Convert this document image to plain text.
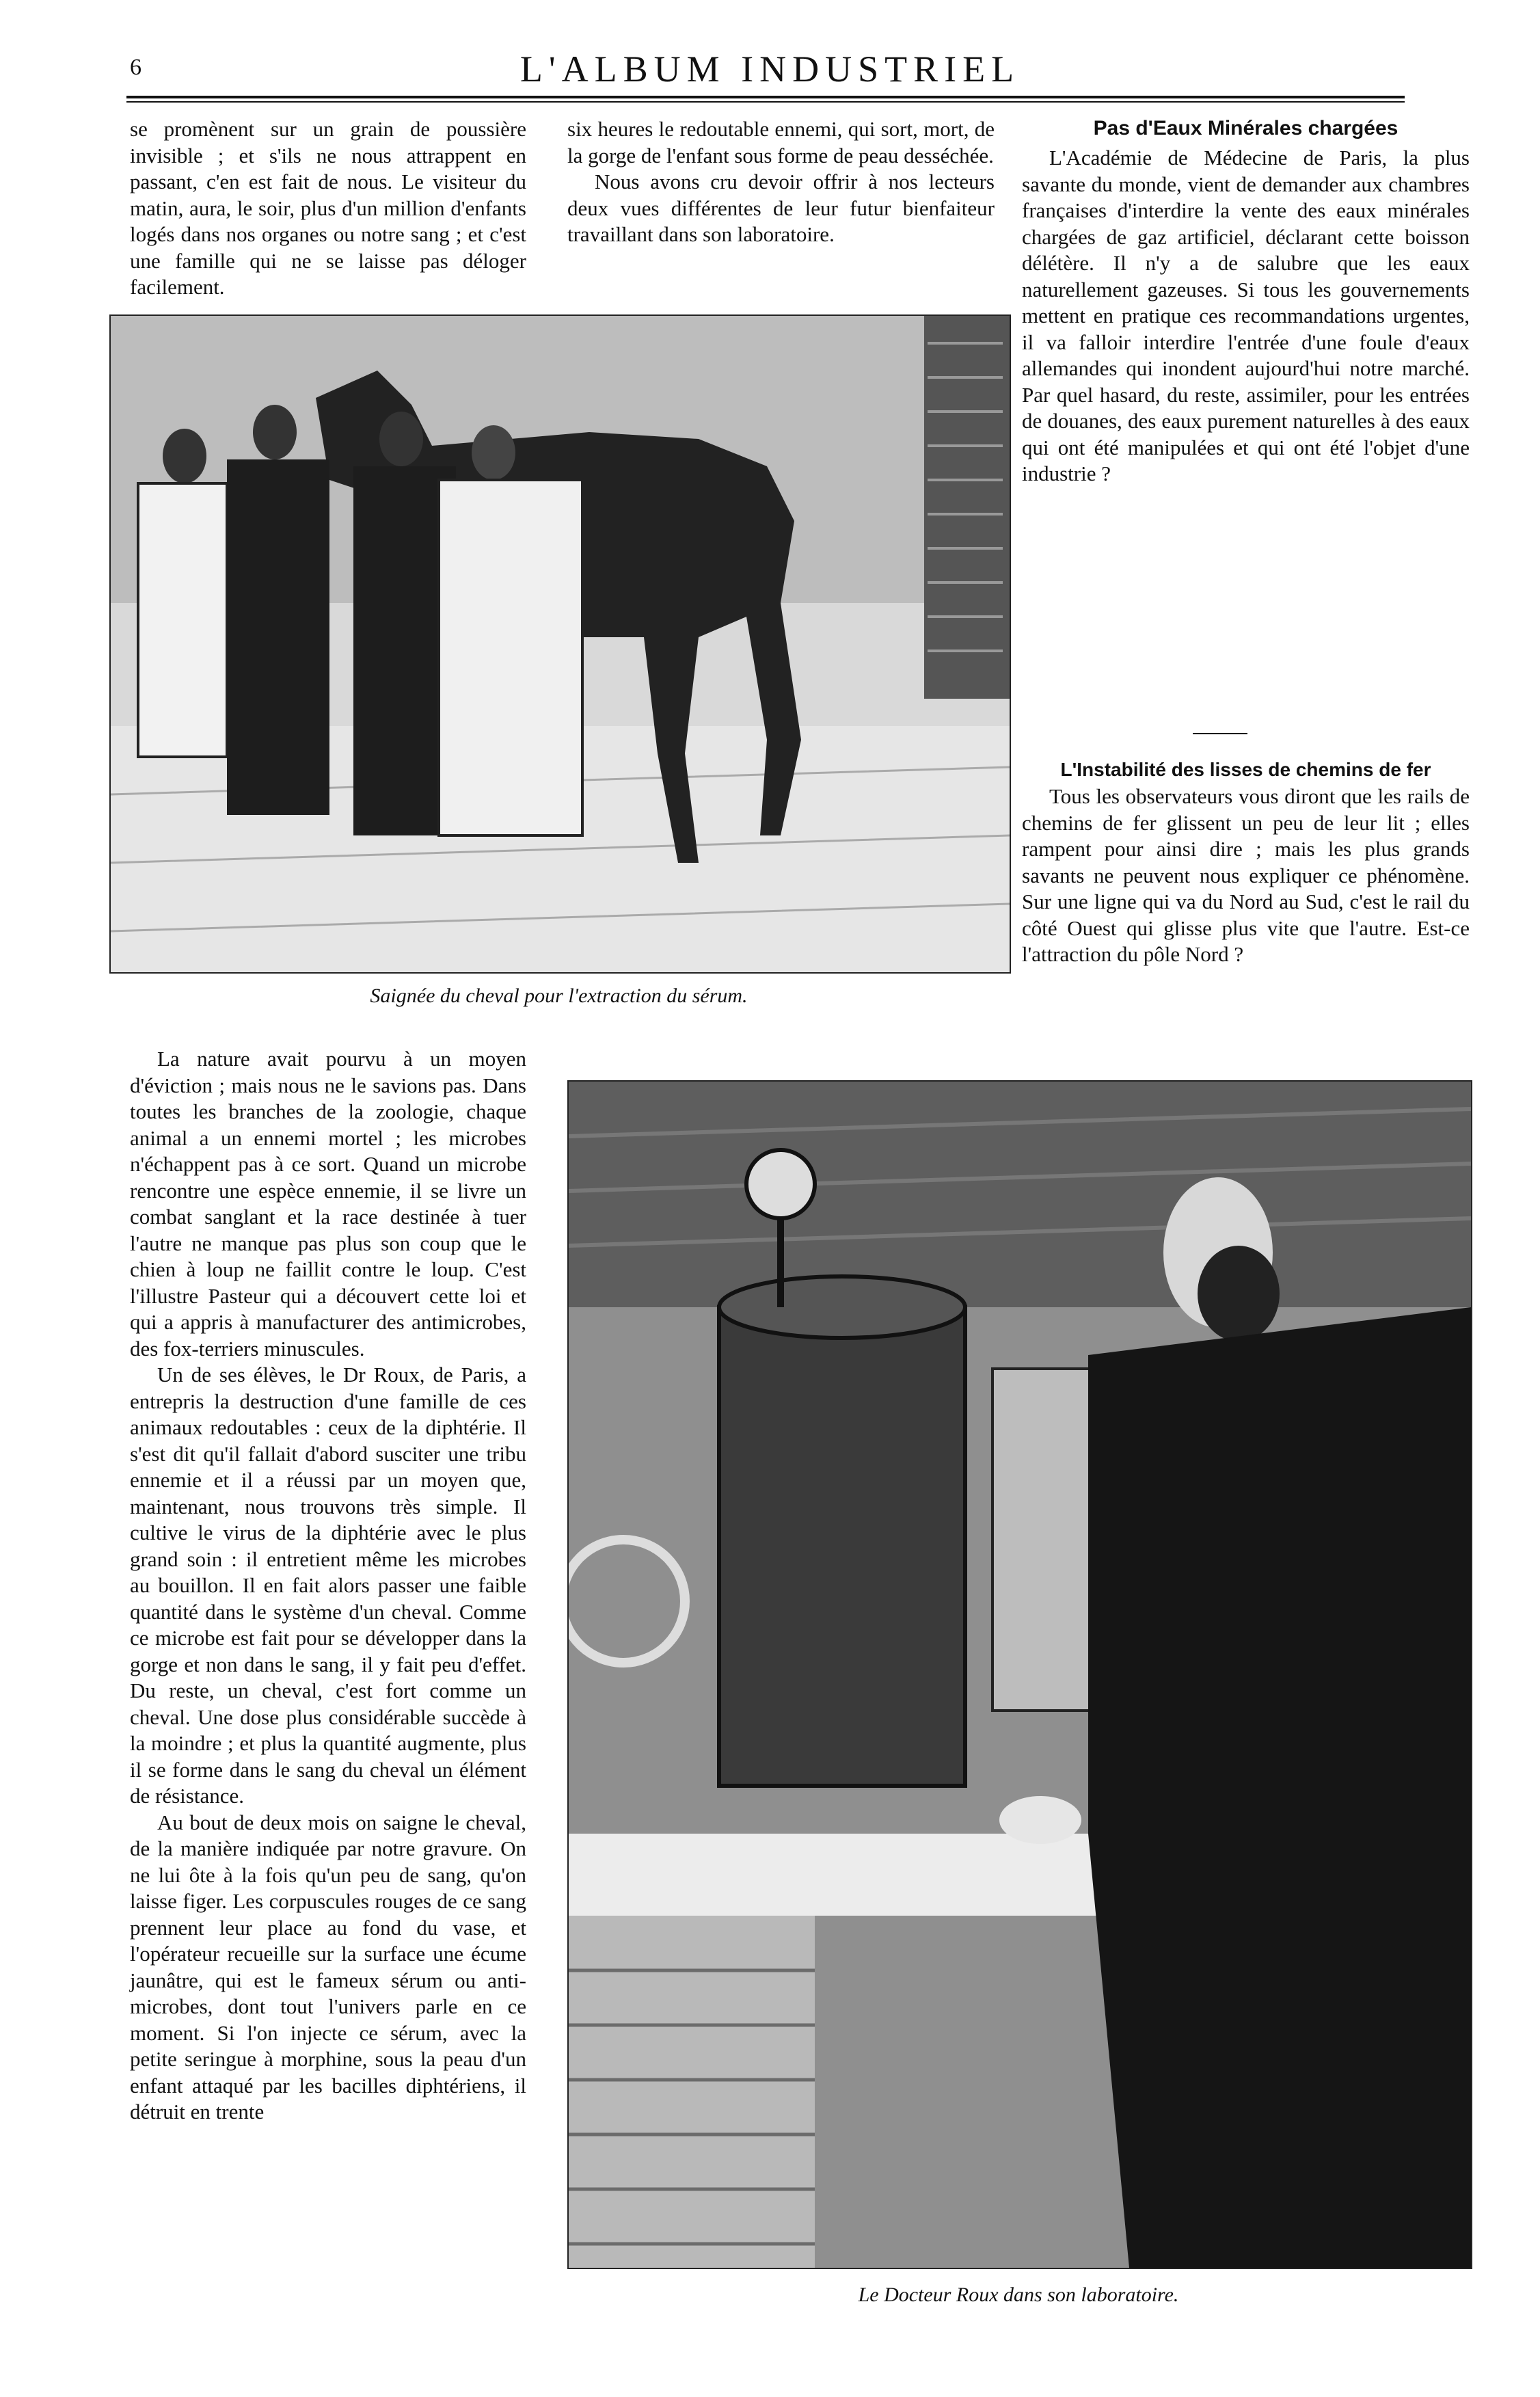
6	L'ALBUM INDUSTRIEL

se promènent sur un grain de poussière invisible ; et s'ils ne nous attrappent en passant, c'en est fait de nous. Le visiteur du matin, aura, le soir, plus d'un million d'enfants logés dans nos organes ou notre sang ; et c'est une famille qui ne se laisse pas déloger facilement.

six heures le redoutable ennemi, qui sort, mort, de la gorge de l'enfant sous forme de peau desséchée.

Nous avons cru devoir offrir à nos lecteurs deux vues différentes de leur futur bienfaiteur travaillant dans son laboratoire.

Pas d'Eaux Minérales chargées

L'Académie de Médecine de Paris, la plus savante du monde, vient de demander aux chambres françaises d'interdire la vente des eaux minérales chargées de gaz artificiel, déclarant cette boisson délétère. Il n'y a de salubre que les eaux naturellement gazeuses. Si tous les gouvernements mettent en pratique ces recommandations urgentes, il va falloir interdire l'entrée d'une foule d'eaux allemandes qui inondent aujourd'hui notre marché. Par quel hasard, du reste, assimiler, pour les entrées de douanes, des eaux purement naturelles à des eaux qui ont été manipulées et qui ont été l'objet d'une industrie ?

L'Instabilité des lisses de chemins de fer

Tous les observateurs vous diront que les rails de chemins de fer glissent un peu de leur lit ; elles rampent pour ainsi dire ; mais les plus grands savants ne peuvent nous expliquer ce phénomène. Sur une ligne qui va du Nord au Sud, c'est le rail du côté Ouest qui glisse plus vite que l'autre. Est-ce l'attraction du pôle Nord ?

Saignée du cheval pour l'extraction du sérum.

La nature avait pourvu à un moyen d'éviction ; mais nous ne le savions pas. Dans toutes les branches de la zoologie, chaque animal a un ennemi mortel ; les microbes n'échappent pas à ce sort. Quand un microbe rencontre une espèce ennemie, il se livre un combat sanglant et la race destinée à tuer l'autre ne manque pas plus son coup que le chien à loup ne faillit contre le loup. C'est l'illustre Pasteur qui a découvert cette loi et qui a appris à manufacturer des antimicrobes, des fox-terriers minuscules.

Un de ses élèves, le Dr Roux, de Paris, a entrepris la destruction d'une famille de ces animaux redoutables : ceux de la diphtérie. Il s'est dit qu'il fallait d'abord susciter une tribu ennemie et il a réussi par un moyen que, maintenant, nous trouvons très simple. Il cultive le virus de la diphtérie avec le plus grand soin : il entretient même les microbes au bouillon. Il en fait alors passer une faible quantité dans le système d'un cheval. Comme ce microbe est fait pour se développer dans la gorge et non dans le sang, il y fait peu d'effet. Du reste, un cheval, c'est fort comme un cheval. Une dose plus considérable succède à la moindre ; et plus la quantité augmente, plus il se forme dans le sang du cheval un élément de résistance.

Au bout de deux mois on saigne le cheval, de la manière indiquée par notre gravure. On ne lui ôte à la fois qu'un peu de sang, qu'on laisse figer. Les corpuscules rouges de ce sang prennent leur place au fond du vase, et l'opérateur recueille sur la surface une écume jaunâtre, qui est le fameux sérum ou anti-microbes, dont tout l'univers parle en ce moment. Si l'on injecte ce sérum, avec la petite seringue à morphine, sous la peau d'un enfant attaqué par les bacilles diphtériens, il détruit en trente

Le Docteur Roux dans son laboratoire.
